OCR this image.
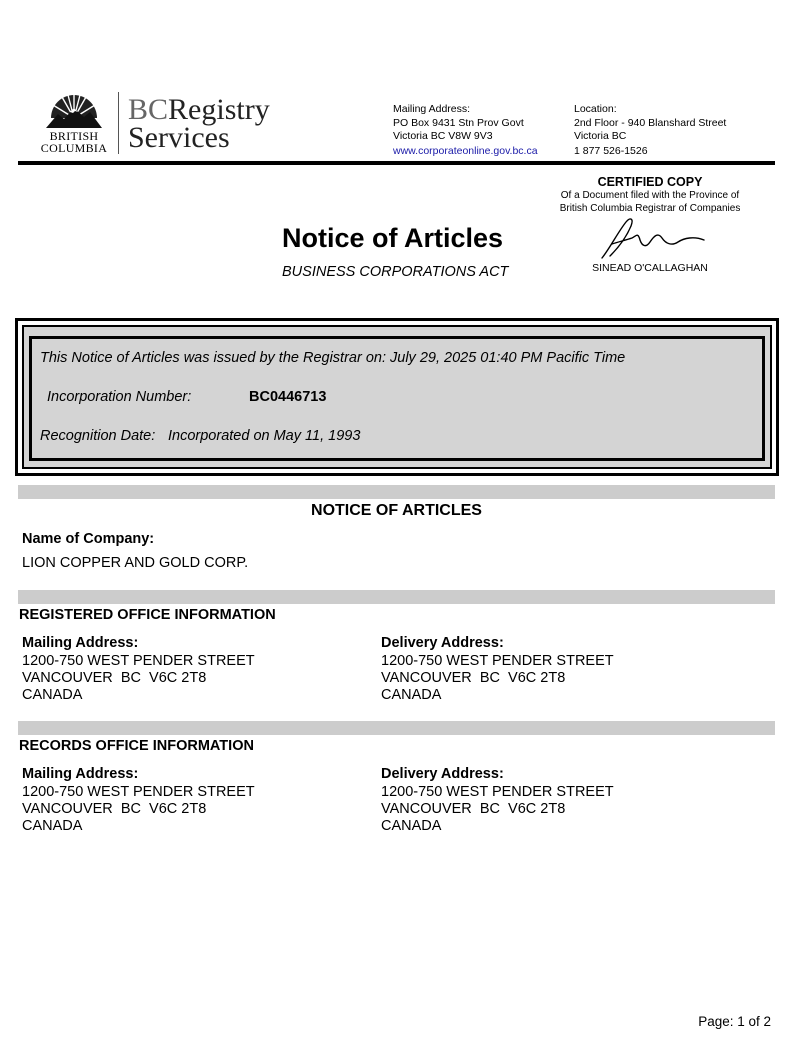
BRITISH
COLUMBIA
BCRegistry
Services
Mailing Address:
PO Box 9431 Stn Prov Govt
Victoria BC V8W 9V3
www.corporateonline.gov.bc.ca
Location:
2nd Floor - 940 Blanshard Street
Victoria BC
1 877 526-1526
CERTIFIED COPY
Of a Document filed with the Province of
British Columbia Registrar of Companies
SINEAD O'CALLAGHAN
Notice of Articles
BUSINESS CORPORATIONS ACT
This Notice of Articles was issued by the Registrar on: July 29, 2025 01:40 PM Pacific Time
Incorporation Number:	BC0446713
Recognition Date: Incorporated on May 11, 1993
NOTICE OF ARTICLES
Name of Company:
LION COPPER AND GOLD CORP.
REGISTERED OFFICE INFORMATION
Mailing Address:
1200-750 WEST PENDER STREET
VANCOUVER  BC  V6C 2T8
CANADA
Delivery Address:
1200-750 WEST PENDER STREET
VANCOUVER  BC  V6C 2T8
CANADA
RECORDS OFFICE INFORMATION
Mailing Address:
1200-750 WEST PENDER STREET
VANCOUVER  BC  V6C 2T8
CANADA
Delivery Address:
1200-750 WEST PENDER STREET
VANCOUVER  BC  V6C 2T8
CANADA
Page: 1 of 2
